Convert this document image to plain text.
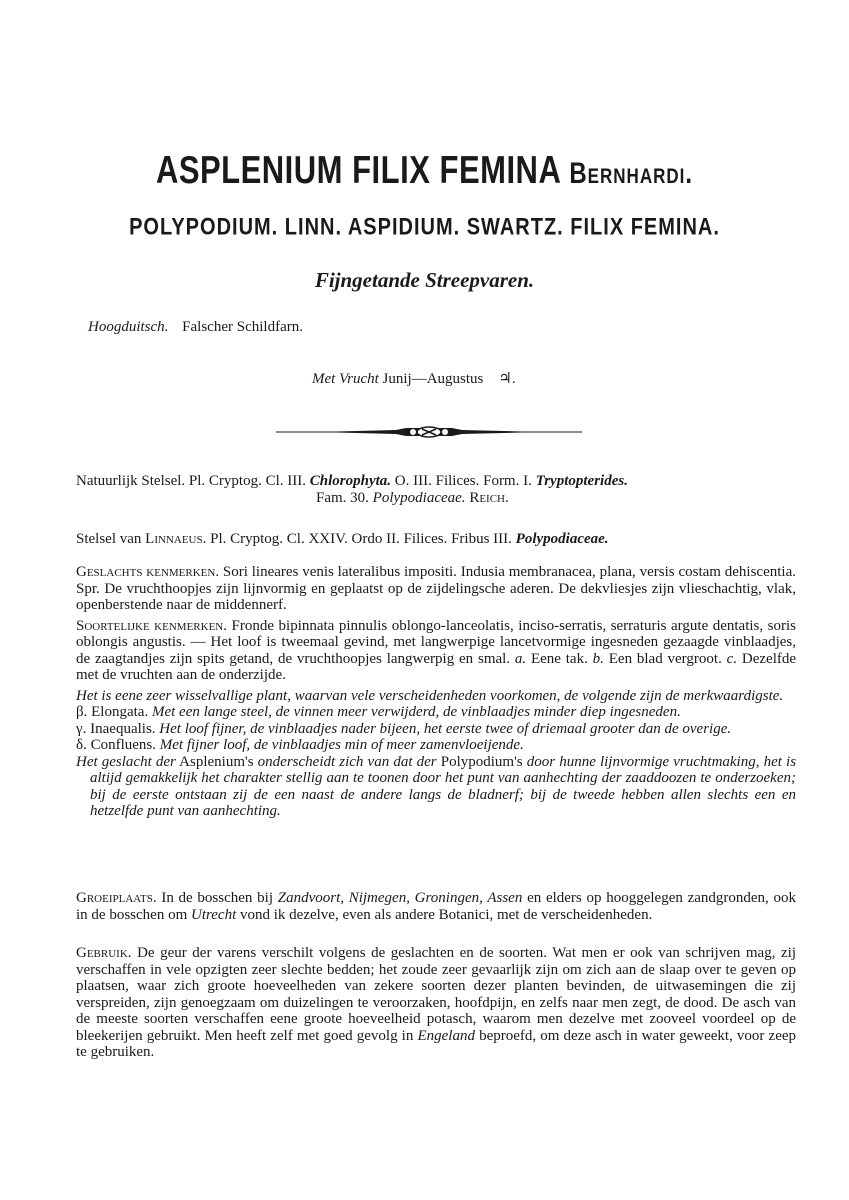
ASPLENIUM FILIX FEMINA Bernhardi.
POLYPODIUM. LINN. ASPIDIUM. SWARTZ. FILIX FEMINA.
Fijngetande Streepvaren.
Hoogduitsch. Falscher Schildfarn.
Met Vrucht Junij—Augustus ♃.

Natuurlijk Stelsel. Pl. Cryptog. Cl. III. Chlorophyta. O. III. Filices. Form. I. Tryptopterides.

Fam. 30. Polypodiaceae. Reich.

Stelsel van Linnaeus. Pl. Cryptog. Cl. XXIV. Ordo II. Filices. Fribus III. Polypodiaceae.

Geslachts kenmerken. Sori lineares venis lateralibus impositi. Indusia membranacea, plana, versis costam dehiscentia. Spr. De vruchthoopjes zijn lijnvormig en geplaatst op de zijdelingsche aderen. De dekvliesjes zijn vlieschachtig, vlak, openberstende naar de middennerf.

Soortelijke kenmerken. Fronde bipinnata pinnulis oblongo-lanceolatis, inciso-serratis, serraturis argute dentatis, soris oblongis angustis. — Het loof is tweemaal gevind, met langwerpige lancetvormige ingesneden gezaagde vinblaadjes, de zaagtandjes zijn spits getand, de vruchthoopjes langwerpig en smal. a. Eene tak. b. Een blad vergroot. c. Dezelfde met de vruchten aan de onderzijde.

Het is eene zeer wisselvallige plant, waarvan vele verscheidenheden voorkomen, de volgende zijn de merkwaardigste.

β. Elongata. Met een lange steel, de vinnen meer verwijderd, de vinblaadjes minder diep ingesneden.

γ. Inaequalis. Het loof fijner, de vinblaadjes nader bijeen, het eerste twee of driemaal grooter dan de overige.

δ. Confluens. Met fijner loof, de vinblaadjes min of meer zamenvloeijende.

Het geslacht der Asplenium's onderscheidt zich van dat der Polypodium's door hunne lijnvormige vruchtmaking, het is altijd gemakkelijk het charakter stellig aan te toonen door het punt van aanhechting der zaaddoozen te onderzoeken; bij de eerste ontstaan zij de een naast de andere langs de bladnerf; bij de tweede hebben allen slechts een en hetzelfde punt van aanhechting.

Groeiplaats. In de bosschen bij Zandvoort, Nijmegen, Groningen, Assen en elders op hooggelegen zandgronden, ook in de bosschen om Utrecht vond ik dezelve, even als andere Botanici, met de verscheidenheden.

Gebruik. De geur der varens verschilt volgens de geslachten en de soorten. Wat men er ook van schrijven mag, zij verschaffen in vele opzigten zeer slechte bedden; het zoude zeer gevaarlijk zijn om zich aan de slaap over te geven op plaatsen, waar zich groote hoeveelheden van zekere soorten dezer planten bevinden, de uitwasemingen die zij verspreiden, zijn genoegzaam om duizelingen te veroorzaken, hoofdpijn, en zelfs naar men zegt, de dood. De asch van de meeste soorten verschaffen eene groote hoeveelheid potasch, waarom men dezelve met zooveel voordeel op de bleekerijen gebruikt. Men heeft zelf met goed gevolg in Engeland beproefd, om deze asch in water geweekt, voor zeep te gebruiken.
